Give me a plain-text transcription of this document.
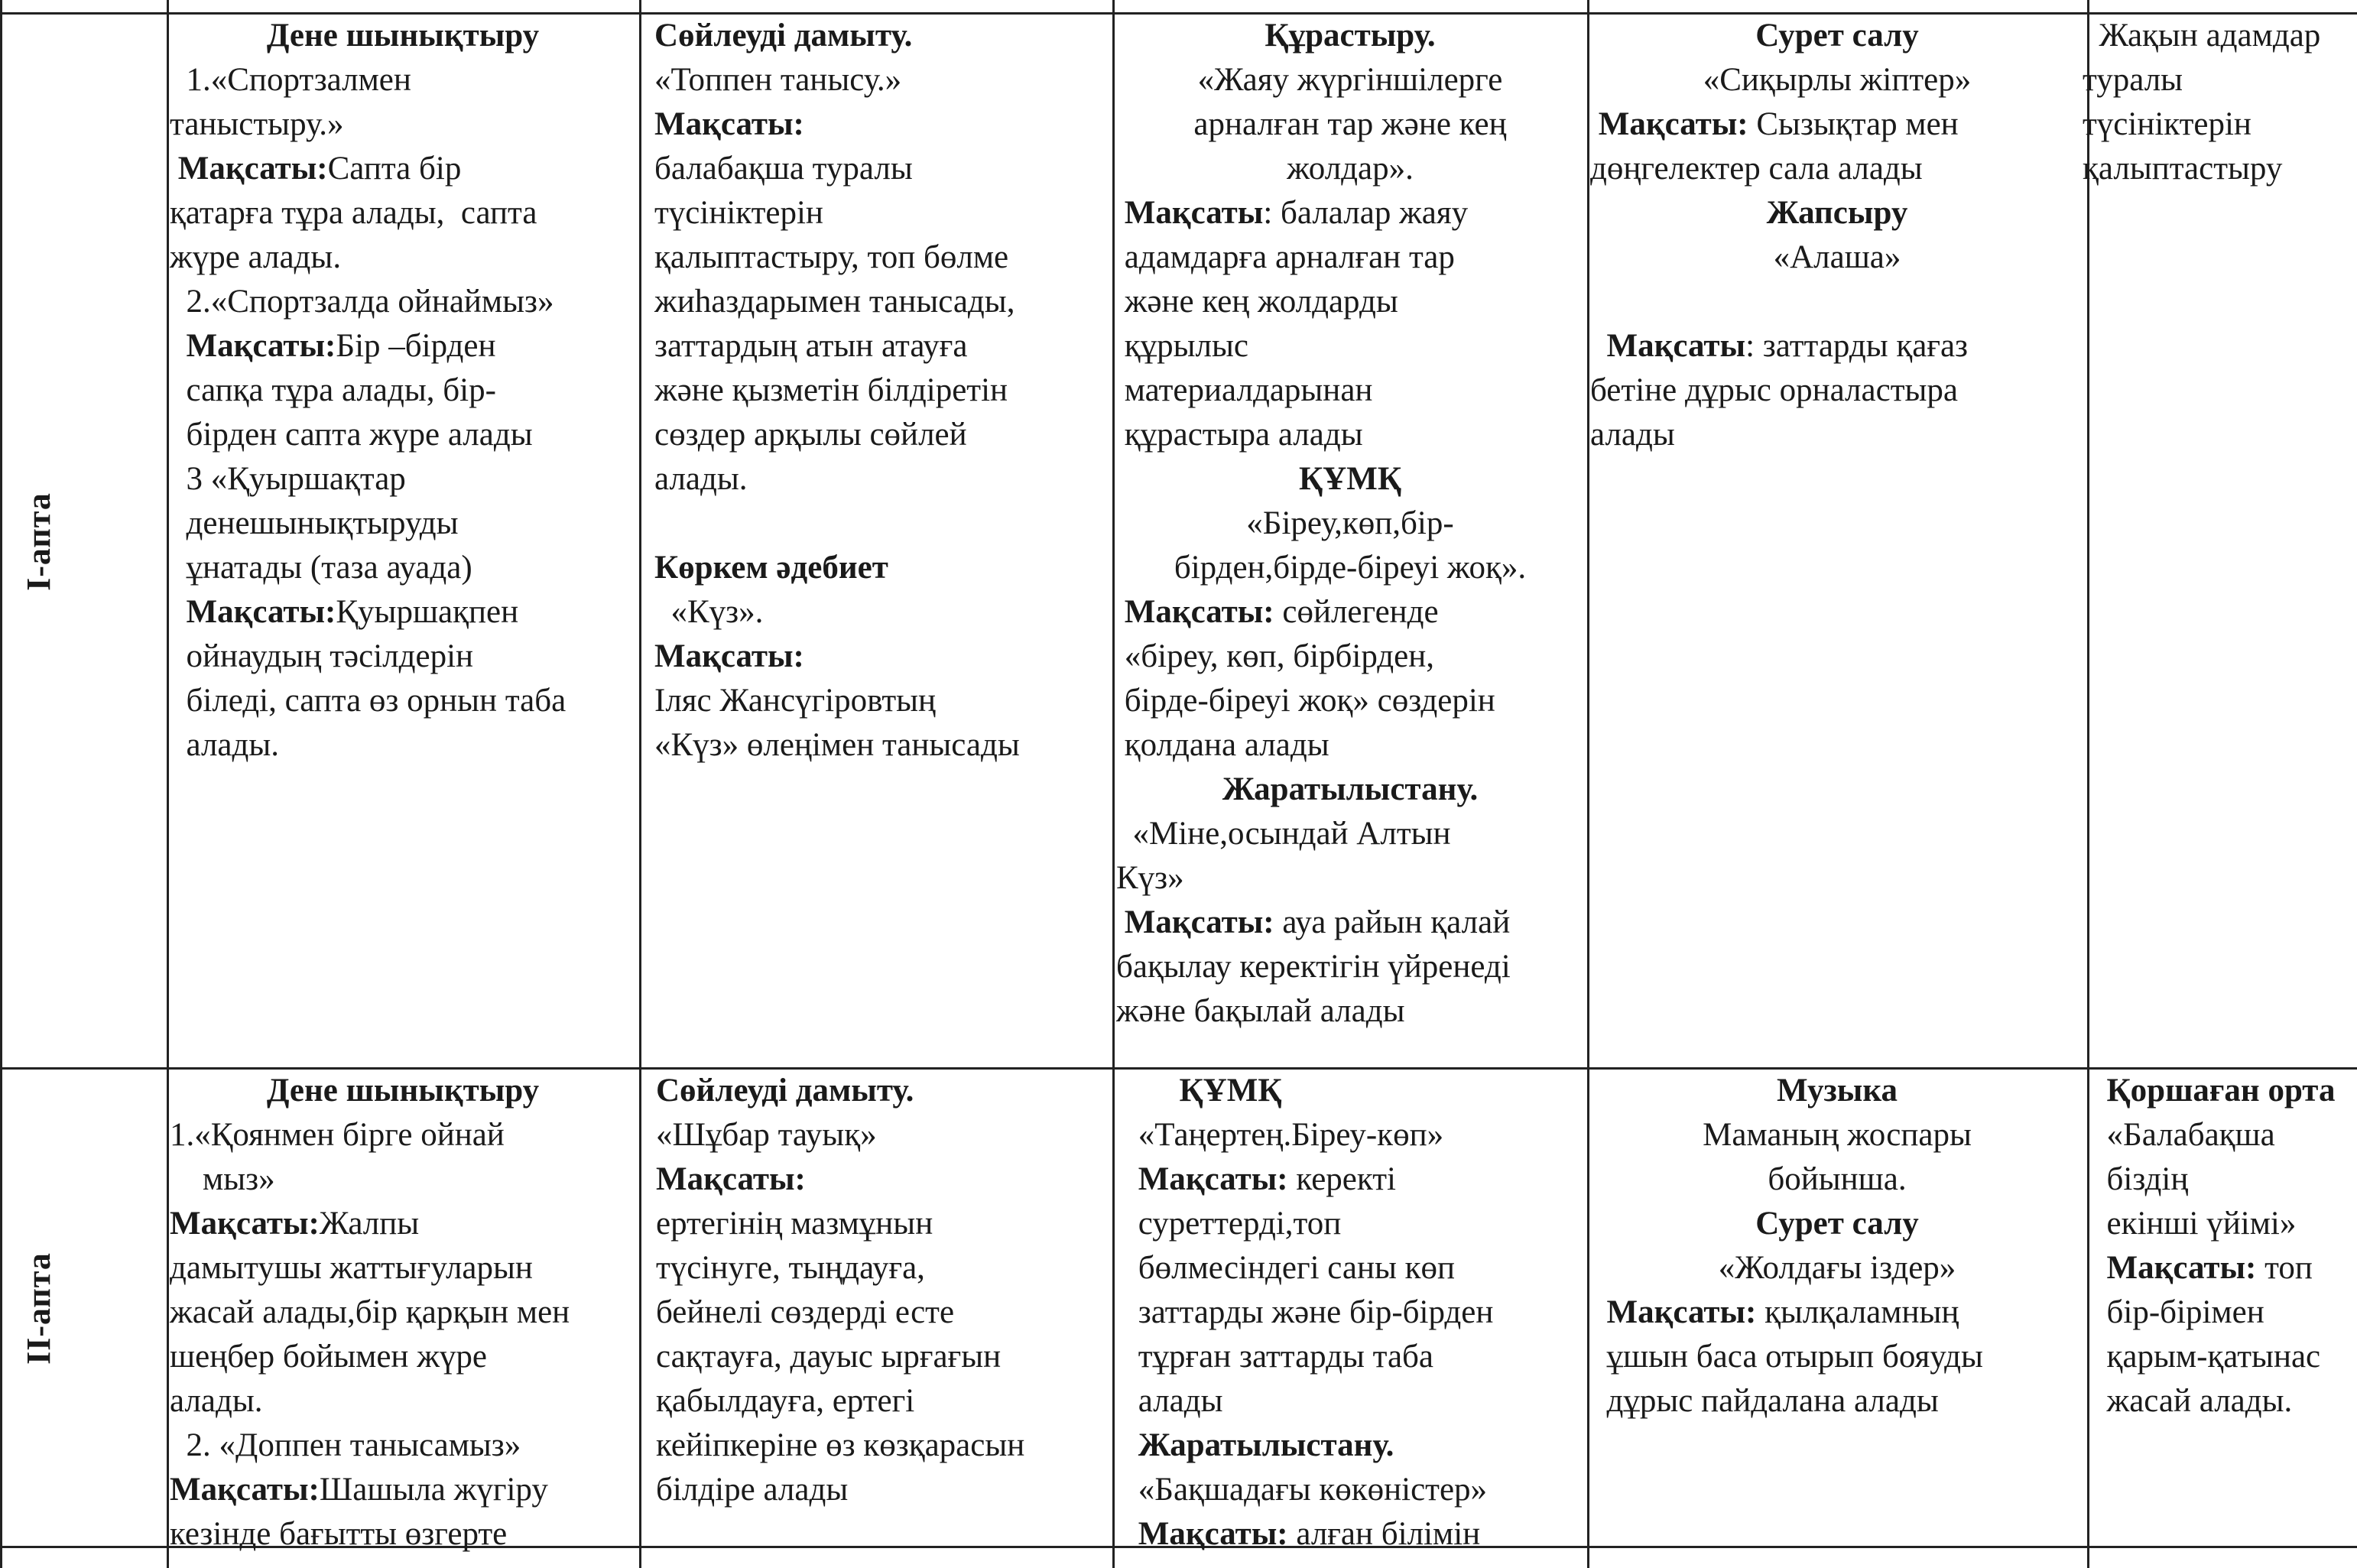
І-апта
ІІ-апта

Дене шынықтыру

1.«Спортзалмен

таныстыру.»

Мақсаты:Сапта бір

қатарға тұра алады,  сапта

жүре алады.

2.«Спортзалда ойнаймыз»

Мақсаты:Бір –бірден

сапқа тұра алады, бір-

бірден сапта жүре алады

3 «Қуыршақтар

денешынықтыруды

ұнатады (таза ауада)

Мақсаты:Қуыршақпен

ойнаудың тәсілдерін

біледі, сапта өз орнын таба

алады.

Сөйлеуді дамыту.

«Топпен танысу.»

Мақсаты:

балабақша туралы

түсініктерін

қалыптастыру, топ бөлме

жиһаздарымен танысады,

заттардың атын атауға

және қызметін білдіретін

сөздер арқылы сөйлей

алады.

Көркем әдебиет

«Күз».

Мақсаты:

Іляс Жансүгіровтың

«Күз» өлеңімен танысады

Құрастыру.

«Жаяу жүргіншілерге

арналған тар және кең

жолдар».

Мақсаты: балалар жаяу

адамдарға арналған тар

және кең жолдарды

құрылыс

материалдарынан

құрастыра алады

ҚҰМҚ

«Біреу,көп,бір-

бірден,бірде-біреуі жоқ».

Мақсаты: сөйлегенде

«біреу, көп, бірбірден,

бірде-біреуі жоқ» сөздерін

қолдана алады

Жаратылыстану.

«Міне,осындай Алтын

Күз»

Мақсаты: ауа райын қалай

бақылау керектігін үйренеді

және бақылай алады

Сурет салу

«Сиқырлы жіптер»

Мақсаты: Сызықтар мен

дөңгелектер сала алады

Жапсыру

«Алаша»

Мақсаты: заттарды қағаз

бетіне дұрыс орналастыра

алады

Жақын адамдар

туралы

түсініктерін

қалыптастыру

Дене шынықтыру

1.«Қоянмен бірге ойнай

мыз»

Мақсаты:Жалпы

дамытушы жаттығуларын

жасай алады,бір қарқын мен

шеңбер бойымен жүре

алады.

2. «Доппен танысамыз»

Мақсаты:Шашыла жүгіру

кезінде бағытты өзгерте

Сөйлеуді дамыту.

«Шұбар тауық»

Мақсаты:

ертегінің мазмұнын

түсінуге, тыңдауға,

бейнелі сөздерді есте

сақтауға, дауыс ырғағын

қабылдауға, ертегі

кейіпкеріне өз көзқарасын

білдіре алады

ҚҰМҚ

«Таңертең.Біреу-көп»

Мақсаты: керекті

суреттерді,топ

бөлмесіндегі саны көп

заттарды және бір-бірден

тұрған заттарды таба

алады

Жаратылыстану.

«Бақшадағы көкөністер»

Мақсаты: алған білімін

Музыка

Маманың жоспары

бойынша.

Сурет салу

«Жолдағы іздер»

Мақсаты: қылқаламның

ұшын баса отырып бояуды

дұрыс пайдалана алады

Қоршаған орта

«Балабақша

біздің

екінші үйімі»

Мақсаты: топ

бір-бірімен

қарым-қатынас

жасай алады.
